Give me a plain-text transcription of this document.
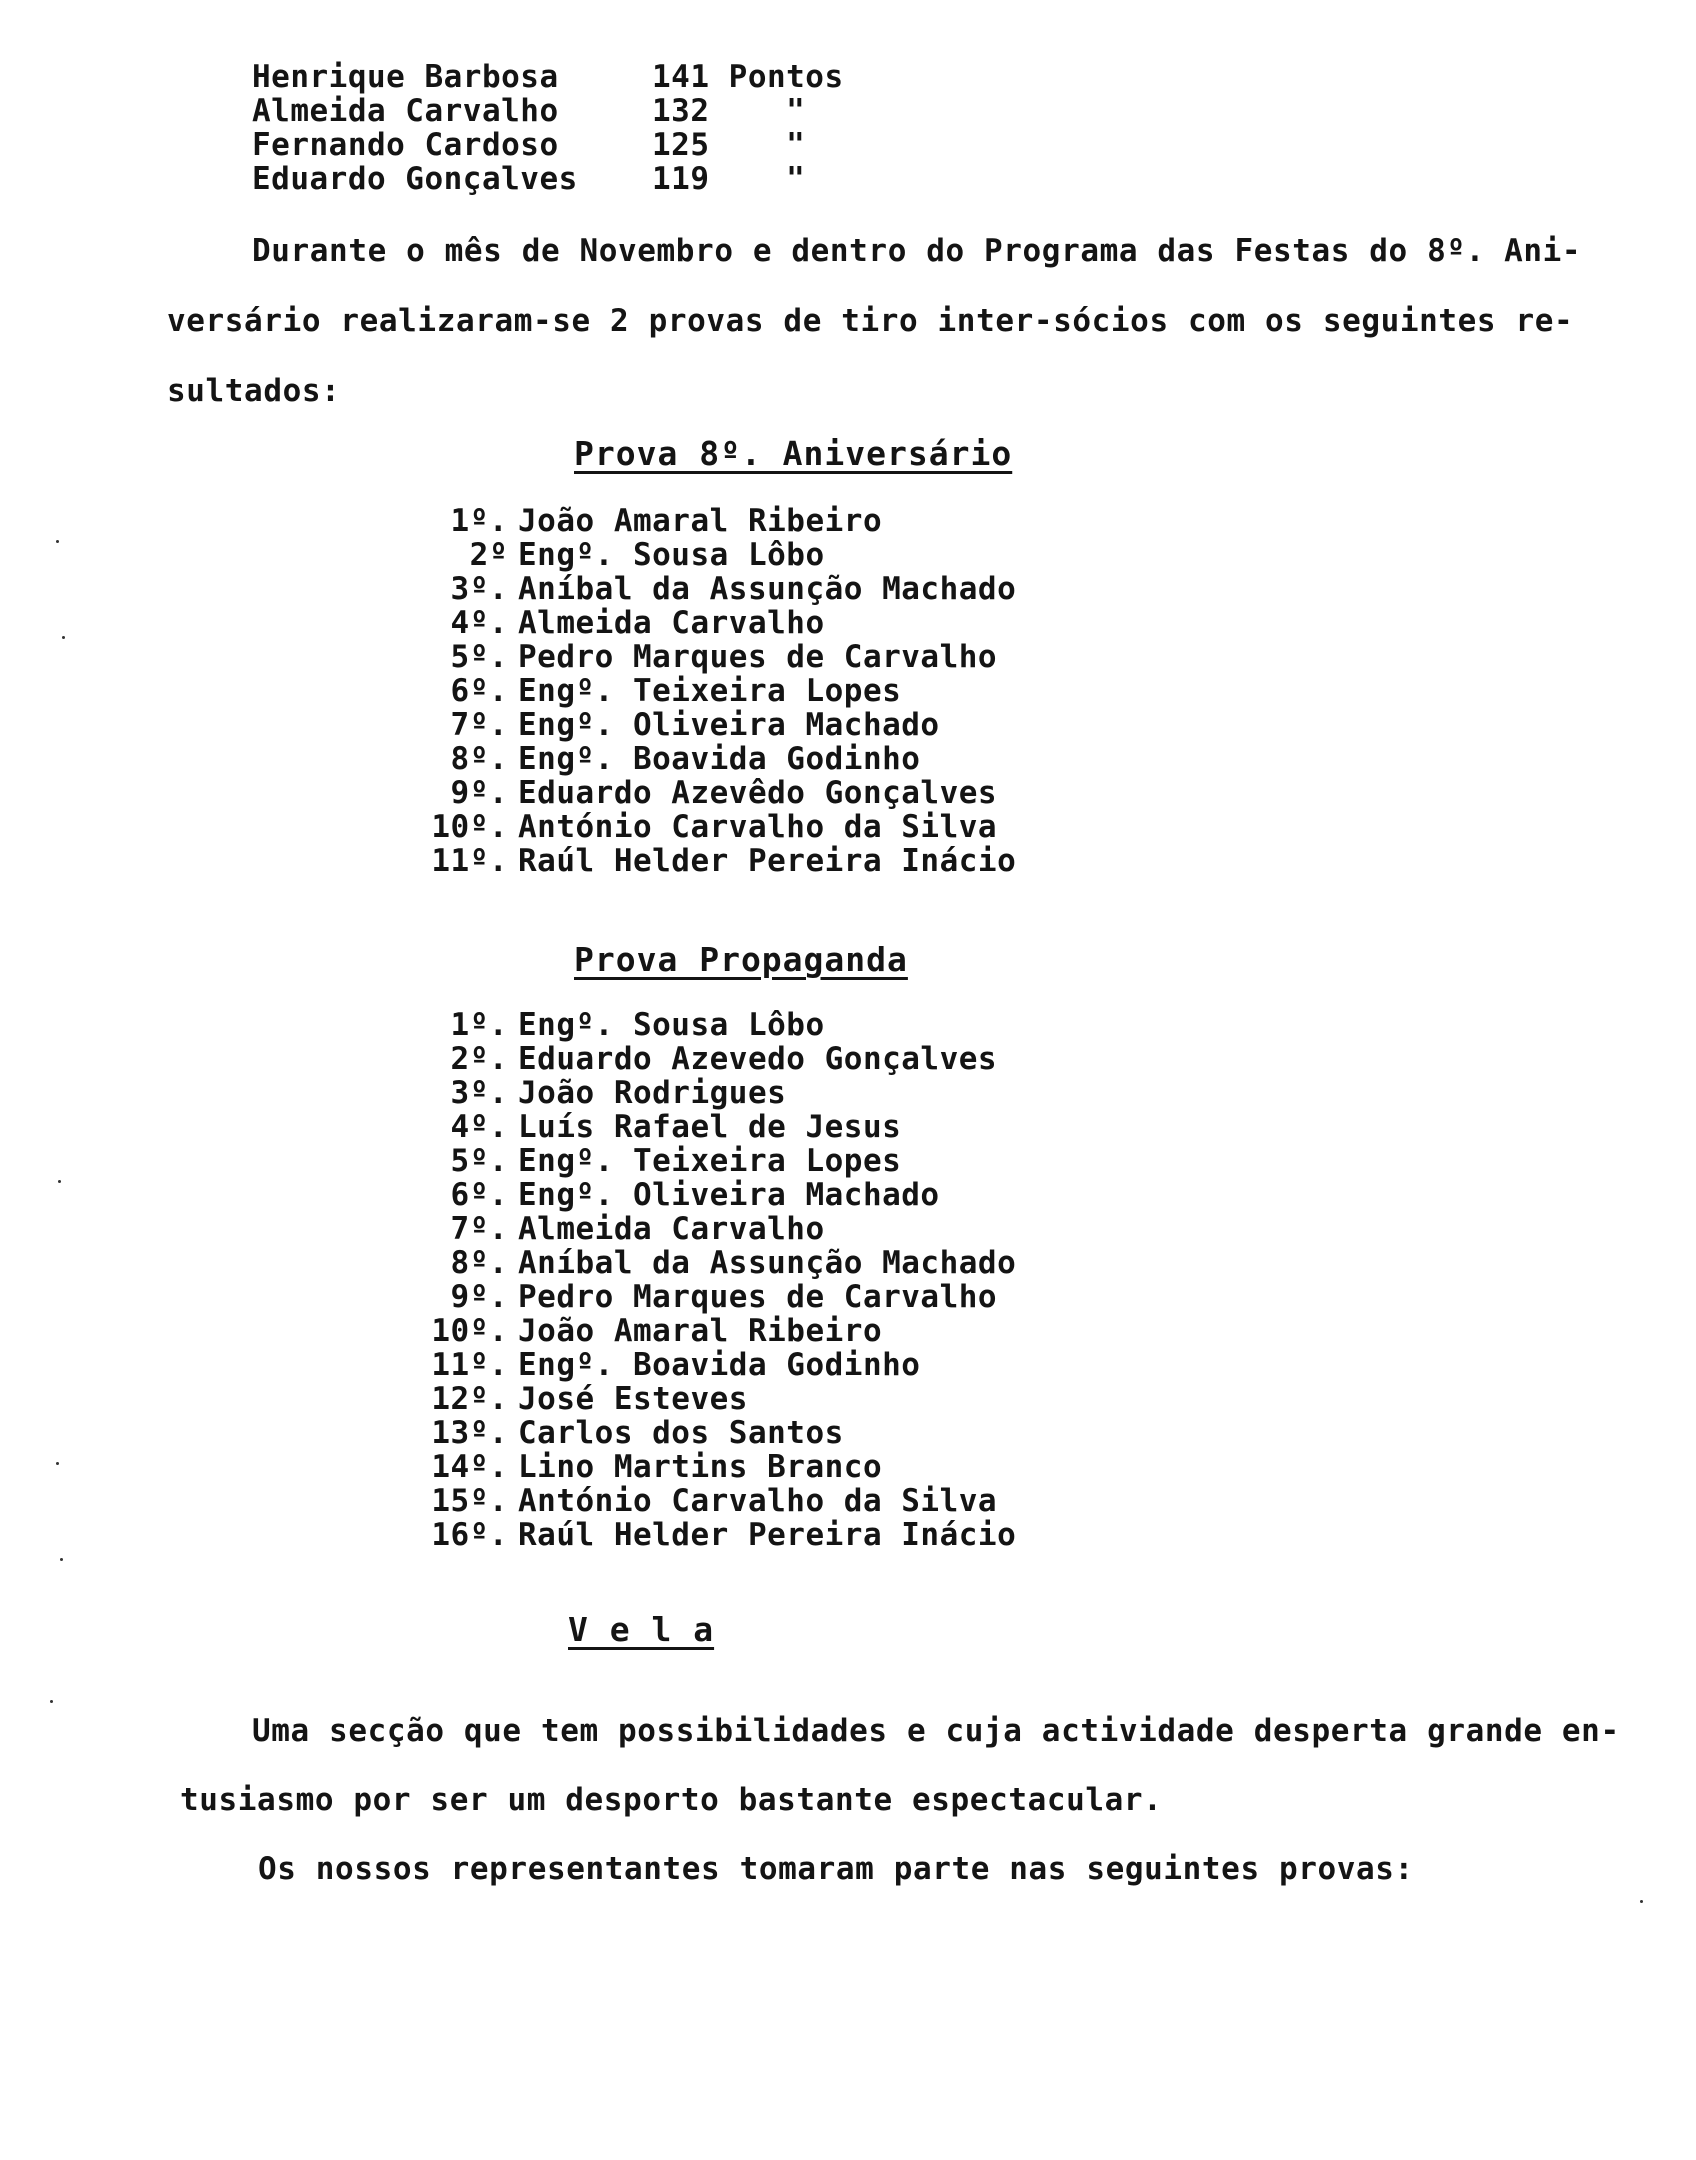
Henrique Barbosa	141 Pontos
Almeida Carvalho	132    "
Fernando Cardoso	125    "
Eduardo Gonçalves 119    "
Durante o mês de Novembro e dentro do Programa das Festas do 8º. Ani-
versário realizaram-se 2 provas de tiro inter-sócios com os seguintes re-
sultados:
Prova 8º. Aniversário
1º. João Amaral Ribeiro
2º Engº. Sousa Lôbo
3º. Aníbal da Assunção Machado
4º. Almeida Carvalho
5º. Pedro Marques de Carvalho
6º. Engº. Teixeira Lopes
7º. Engº. Oliveira Machado
8º. Engº. Boavida Godinho
9º. Eduardo Azevêdo Gonçalves
10º. António Carvalho da Silva
11º. Raúl Helder Pereira Inácio
Prova Propaganda
1º. Engº. Sousa Lôbo
2º. Eduardo Azevedo Gonçalves
3º. João Rodrigues
4º. Luís Rafael de Jesus
5º. Engº. Teixeira Lopes
6º. Engº. Oliveira Machado
7º. Almeida Carvalho
8º. Aníbal da Assunção Machado
9º. Pedro Marques de Carvalho
10º. João Amaral Ribeiro
11º. Engº. Boavida Godinho
12º. José Esteves
13º. Carlos dos Santos
14º. Lino Martins Branco
15º. António Carvalho da Silva
16º. Raúl Helder Pereira Inácio
V e l a
Uma secção que tem possibilidades e cuja actividade desperta grande en-
tusiasmo por ser um desporto bastante espectacular.
Os nossos representantes tomaram parte nas seguintes provas:
